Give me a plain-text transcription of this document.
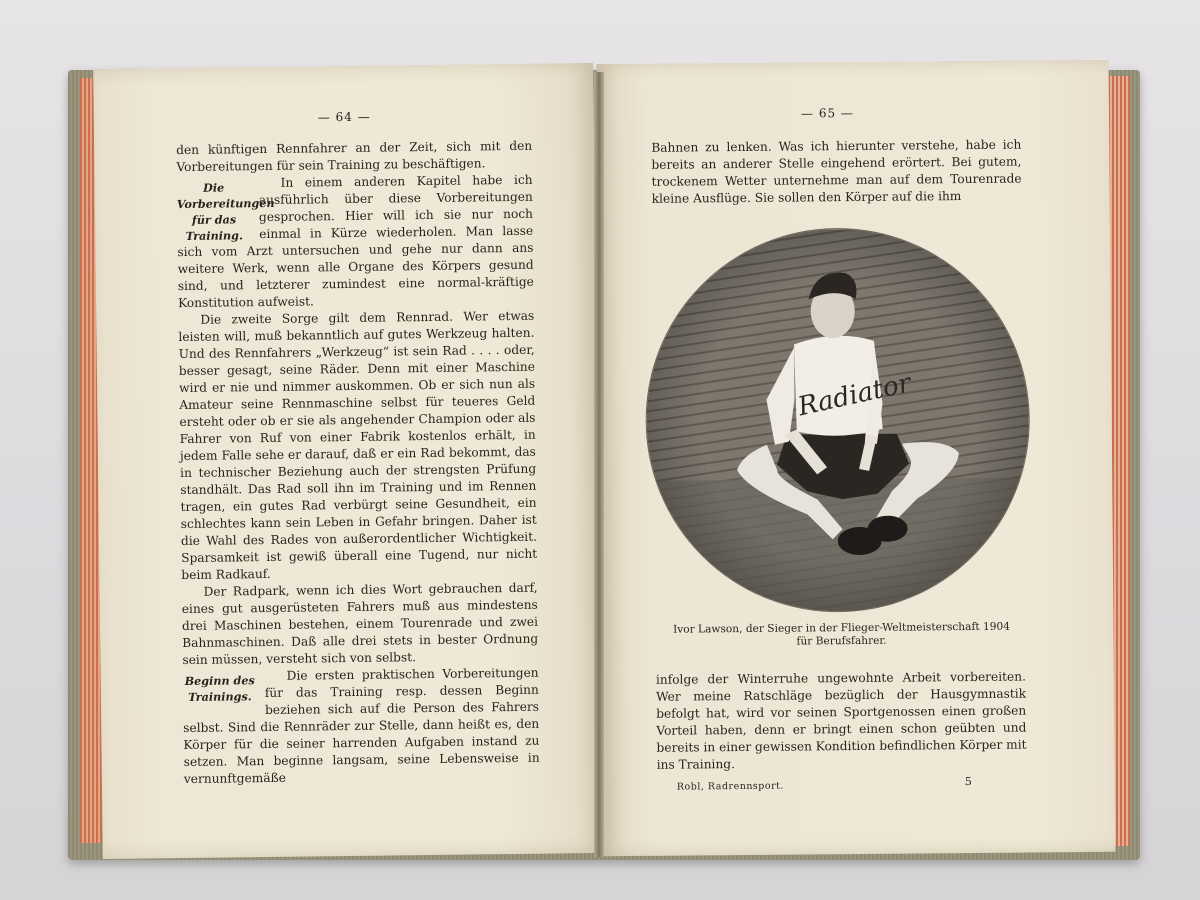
— 64 —

den künftigen Rennfahrer an der Zeit, sich mit den Vorbereitungen für sein Training zu beschäftigen.

Die Vorbereitungen für das Training.

In einem anderen Kapitel habe ich ausführlich über diese Vorbereitungen gesprochen. Hier will ich sie nur noch einmal in Kürze wiederholen. Man lasse sich vom Arzt untersuchen und gehe nur dann ans weitere Werk, wenn alle Organe des Körpers gesund sind, und letzterer zumindest eine normal-kräftige Konstitution aufweist.

Die zweite Sorge gilt dem Rennrad. Wer etwas leisten will, muß bekanntlich auf gutes Werkzeug halten. Und des Rennfahrers „Werkzeug“ ist sein Rad . . . . oder, besser gesagt, seine Räder. Denn mit einer Maschine wird er nie und nimmer auskommen. Ob er sich nun als Amateur seine Rennmaschine selbst für teueres Geld ersteht oder ob er sie als angehender Champion oder als Fahrer von Ruf von einer Fabrik kostenlos erhält, in jedem Falle sehe er darauf, daß er ein Rad bekommt, das in technischer Beziehung auch der strengsten Prüfung standhält. Das Rad soll ihn im Training und im Rennen tragen, ein gutes Rad verbürgt seine Gesundheit, ein schlechtes kann sein Leben in Gefahr bringen. Daher ist die Wahl des Rades von außerordentlicher Wichtigkeit. Sparsamkeit ist gewiß überall eine Tugend, nur nicht beim Radkauf.

Der Radpark, wenn ich dies Wort gebrauchen darf, eines gut ausgerüsteten Fahrers muß aus mindestens drei Maschinen bestehen, einem Tourenrade und zwei Bahnmaschinen. Daß alle drei stets in bester Ordnung sein müssen, versteht sich von selbst.

Beginn des Trainings.

Die ersten praktischen Vorbereitungen für das Training resp. dessen Beginn beziehen sich auf die Person des Fahrers selbst. Sind die Rennräder zur Stelle, dann heißt es, den Körper für die seiner harrenden Aufgaben instand zu setzen. Man beginne langsam, seine Lebensweise in vernunftgemäße

— 65 —

Bahnen zu lenken. Was ich hierunter verstehe, habe ich bereits an anderer Stelle eingehend erörtert. Bei gutem, trockenem Wetter unternehme man auf dem Tourenrade kleine Ausflüge. Sie sollen den Körper auf die ihm

Ivor Lawson, der Sieger in der Flieger-Weltmeisterschaft 1904
für Berufsfahrer.

infolge der Winterruhe ungewohnte Arbeit vorbereiten. Wer meine Ratschläge bezüglich der Hausgymnastik befolgt hat, wird vor seinen Sportgenossen einen großen Vorteil haben, denn er bringt einen schon geübten und bereits in einer gewissen Kondition befindlichen Körper mit ins Training.

Robl, Radrennsport.	5
